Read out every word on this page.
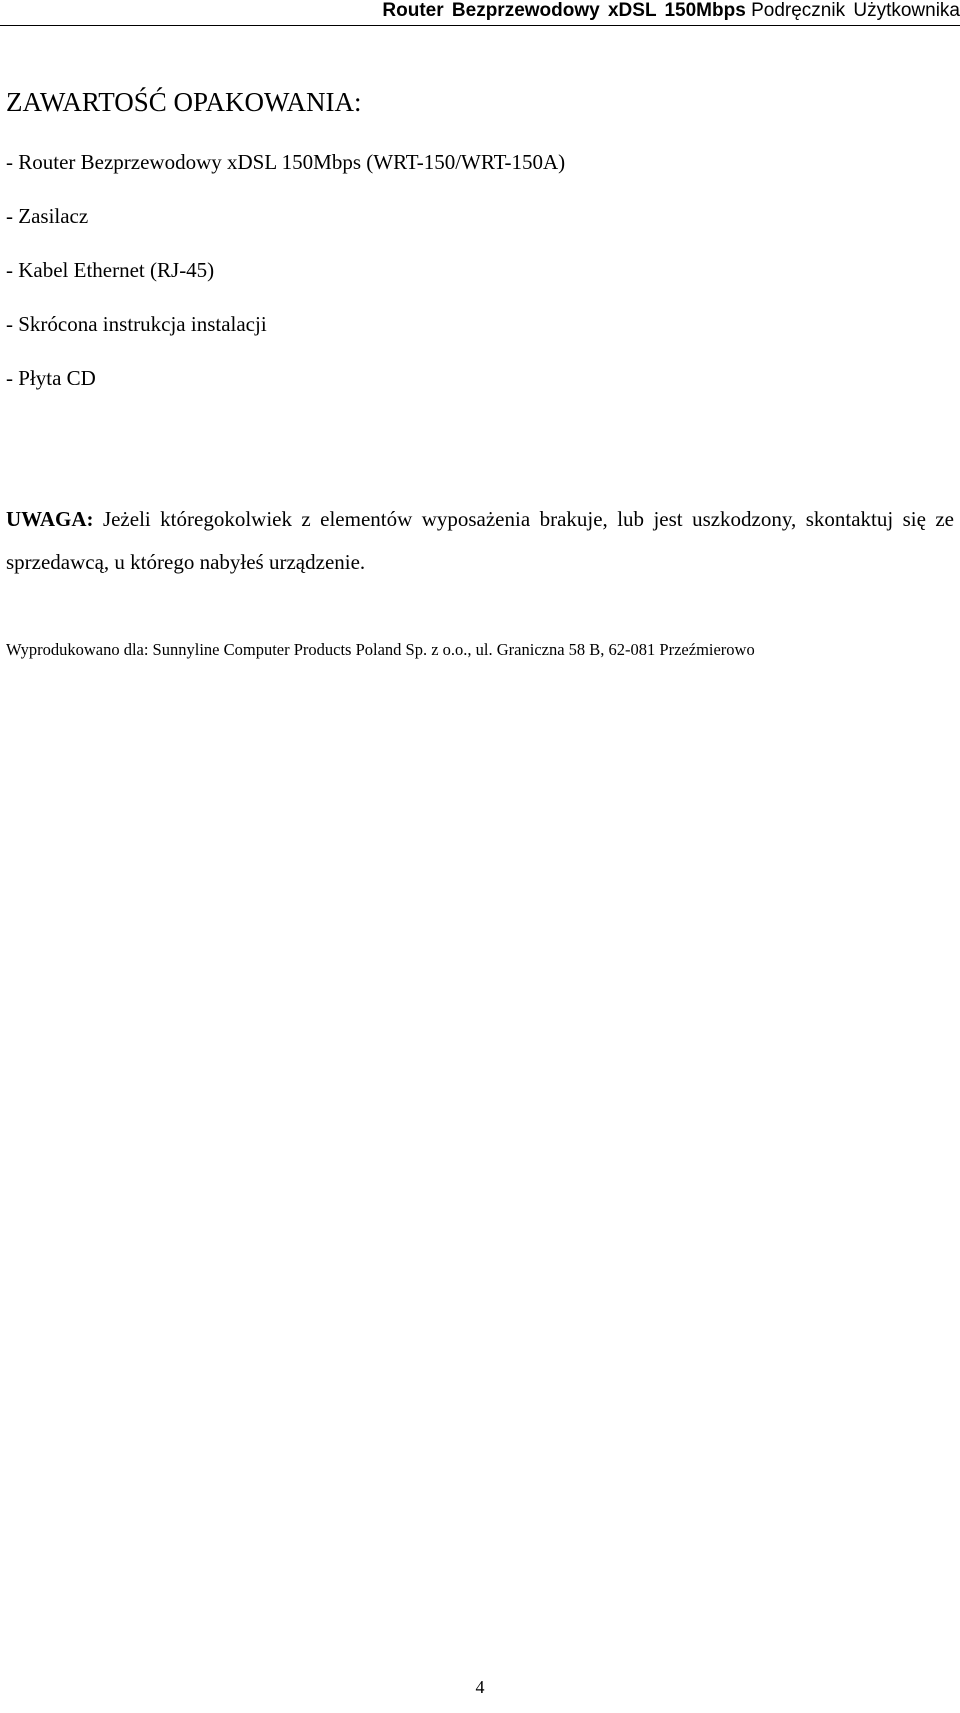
Router Bezprzewodowy xDSL 150Mbps Podręcznik Użytkownika
ZAWARTOŚĆ OPAKOWANIA:
- Router Bezprzewodowy xDSL 150Mbps (WRT-150/WRT-150A)
- Zasilacz
- Kabel Ethernet (RJ-45)
- Skrócona instrukcja instalacji
- Płyta CD

UWAGA: Jeżeli któregokolwiek z elementów wyposażenia brakuje, lub jest uszkodzony, skontaktuj się ze sprzedawcą, u którego nabyłeś urządzenie.

Wyprodukowano dla: Sunnyline Computer Products Poland Sp. z o.o., ul. Graniczna 58 B, 62-081 Przeźmierowo

4
